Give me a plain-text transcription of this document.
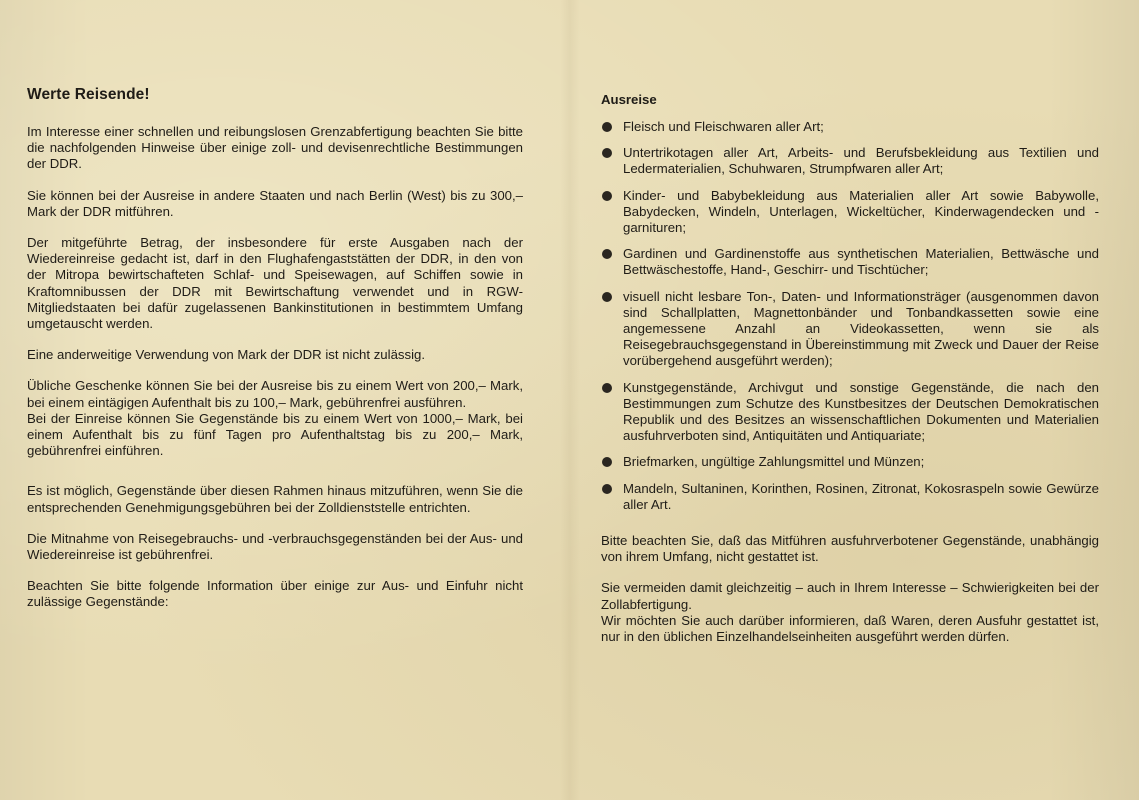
Werte Reisende!

Im Interesse einer schnellen und reibungslosen Grenzabfertigung beachten Sie bitte die nachfolgenden Hinweise über einige zoll- und devisenrechtliche Bestimmungen der DDR.

Sie können bei der Ausreise in andere Staaten und nach Berlin (West) bis zu 300,– Mark der DDR mitführen.

Der mitgeführte Betrag, der insbesondere für erste Ausgaben nach der Wiedereinreise gedacht ist, darf in den Flughafengaststätten der DDR, in den von der Mitropa bewirtschafteten Schlaf- und Speisewagen, auf Schiffen sowie in Kraftomnibussen der DDR mit Bewirtschaftung verwendet und in RGW-Mitgliedstaaten bei dafür zugelassenen Bankinstitutionen in bestimmtem Umfang umgetauscht werden.

Eine anderweitige Verwendung von Mark der DDR ist nicht zulässig.

Übliche Geschenke können Sie bei der Ausreise bis zu einem Wert von 200,– Mark, bei einem eintägigen Aufenthalt bis zu 100,– Mark, gebührenfrei ausführen.

Bei der Einreise können Sie Gegenstände bis zu einem Wert von 1000,– Mark, bei einem Aufenthalt bis zu fünf Tagen pro Aufenthaltstag bis zu 200,– Mark, gebührenfrei einführen.

Es ist möglich, Gegenstände über diesen Rahmen hinaus mitzuführen, wenn Sie die entsprechenden Genehmigungsgebühren bei der Zolldienststelle entrichten.

Die Mitnahme von Reisegebrauchs- und -verbrauchsgegenständen bei der Aus- und Wiedereinreise ist gebührenfrei.

Beachten Sie bitte folgende Information über einige zur Aus- und Einfuhr nicht zulässige Gegenstände:

Ausreise
Fleisch und Fleischwaren aller Art;
Untertrikotagen aller Art, Arbeits- und Berufsbekleidung aus Textilien und Ledermaterialien, Schuhwaren, Strumpfwaren aller Art;
Kinder- und Babybekleidung aus Materialien aller Art sowie Babywolle, Babydecken, Windeln, Unterlagen, Wickeltücher, Kinderwagendecken und -garnituren;
Gardinen und Gardinenstoffe aus synthetischen Materialien, Bettwäsche und Bettwäschestoffe, Hand-, Geschirr- und Tischtücher;
visuell nicht lesbare Ton-, Daten- und Informationsträger (ausgenommen davon sind Schallplatten, Magnettonbänder und Tonbandkassetten sowie eine angemessene Anzahl an Videokassetten, wenn sie als Reisegebrauchsgegenstand in Übereinstimmung mit Zweck und Dauer der Reise vorübergehend ausgeführt werden);
Kunstgegenstände, Archivgut und sonstige Gegenstände, die nach den Bestimmungen zum Schutze des Kunstbesitzes der Deutschen Demokratischen Republik und des Besitzes an wissenschaftlichen Dokumenten und Materialien ausfuhrverboten sind, Antiquitäten und Antiquariate;
Briefmarken, ungültige Zahlungsmittel und Münzen;
Mandeln, Sultaninen, Korinthen, Rosinen, Zitronat, Kokosraspeln sowie Gewürze aller Art.

Bitte beachten Sie, daß das Mitführen ausfuhrverbotener Gegenstände, unabhängig von ihrem Umfang, nicht gestattet ist.

Sie vermeiden damit gleichzeitig – auch in Ihrem Interesse – Schwierigkeiten bei der Zollabfertigung.

Wir möchten Sie auch darüber informieren, daß Waren, deren Ausfuhr gestattet ist, nur in den üblichen Einzelhandelseinheiten ausgeführt werden dürfen.
